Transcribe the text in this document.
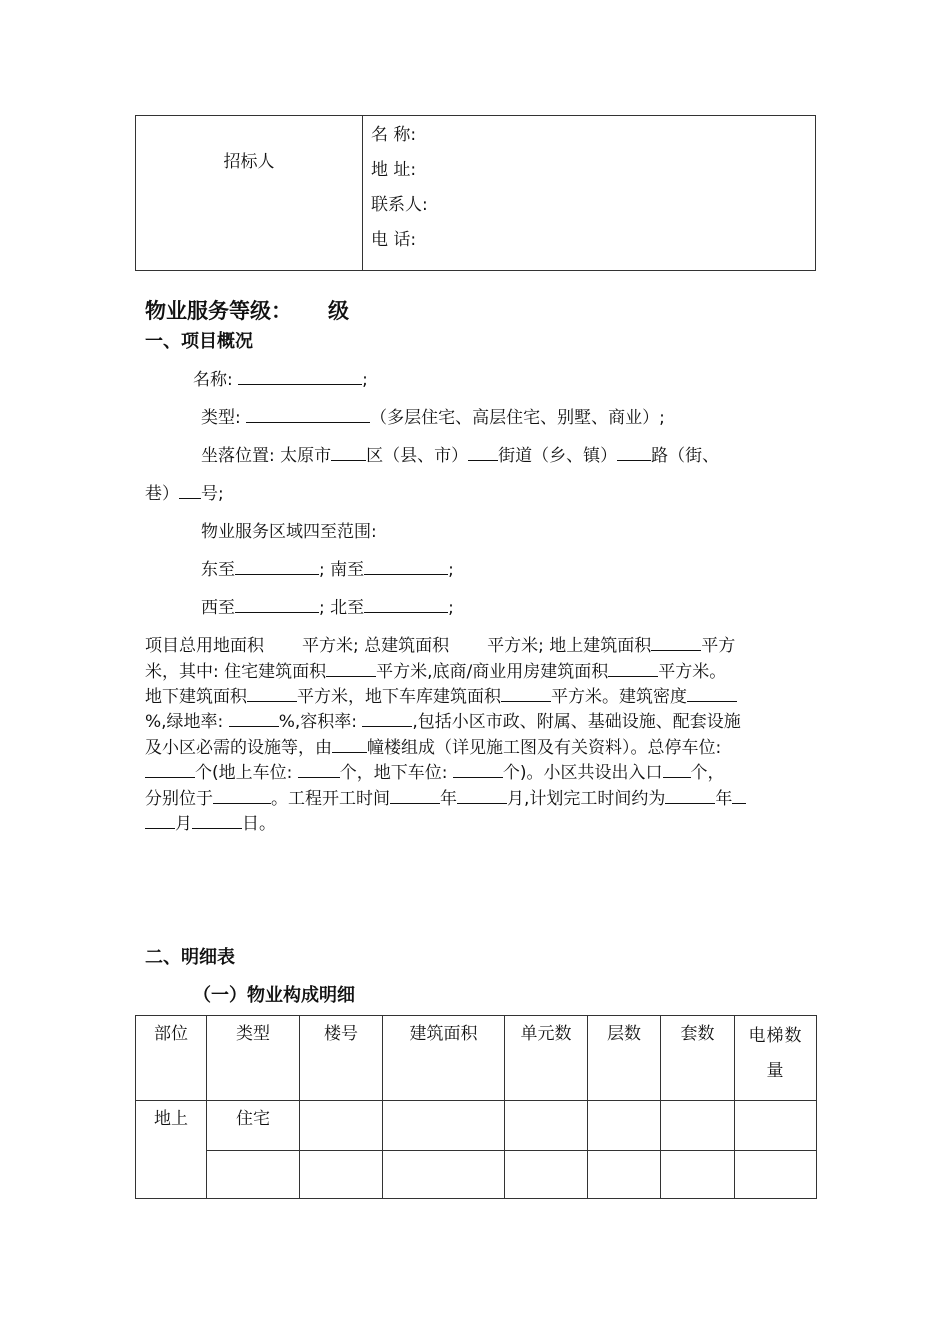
招标人

名 称:
地 址:
联系人:
电 话:
物业服务等级： 级
一、项目概况
名称:	;
类型:	（多层住宅、高层住宅、别墅、商业）;
坐落位置: 太原市 区（县、市） 街道（乡、镇） 路（街、
巷） 号;
物业服务区域四至范围:
东至	; 南至	;
西至	; 北至	;
项目总用地面积 平方米; 总建筑面积 平方米; 地上建筑面积	平方
米，其中: 住宅建筑面积	平方米,底商/商业用房建筑面积	平方米。
地下建筑面积	平方米，地下车库建筑面积	平方米。建筑密度
%,绿地率:	%,容积率:	,包括小区市政、附属、基础设施、配套设施
及小区必需的设施等，由 幢楼组成（详见施工图及有关资料）。总停车位:
个(地上车位: 个，地下车位:	个)。小区共设出入口 个，
分别位于	。工程开工时间	年	月,计划完工时间约为	年
月	日。
二、明细表
（一）物业构成明细
部位	类型	楼号	建筑面积	单元数	层数	套数	电梯数量
地上	住宅						
